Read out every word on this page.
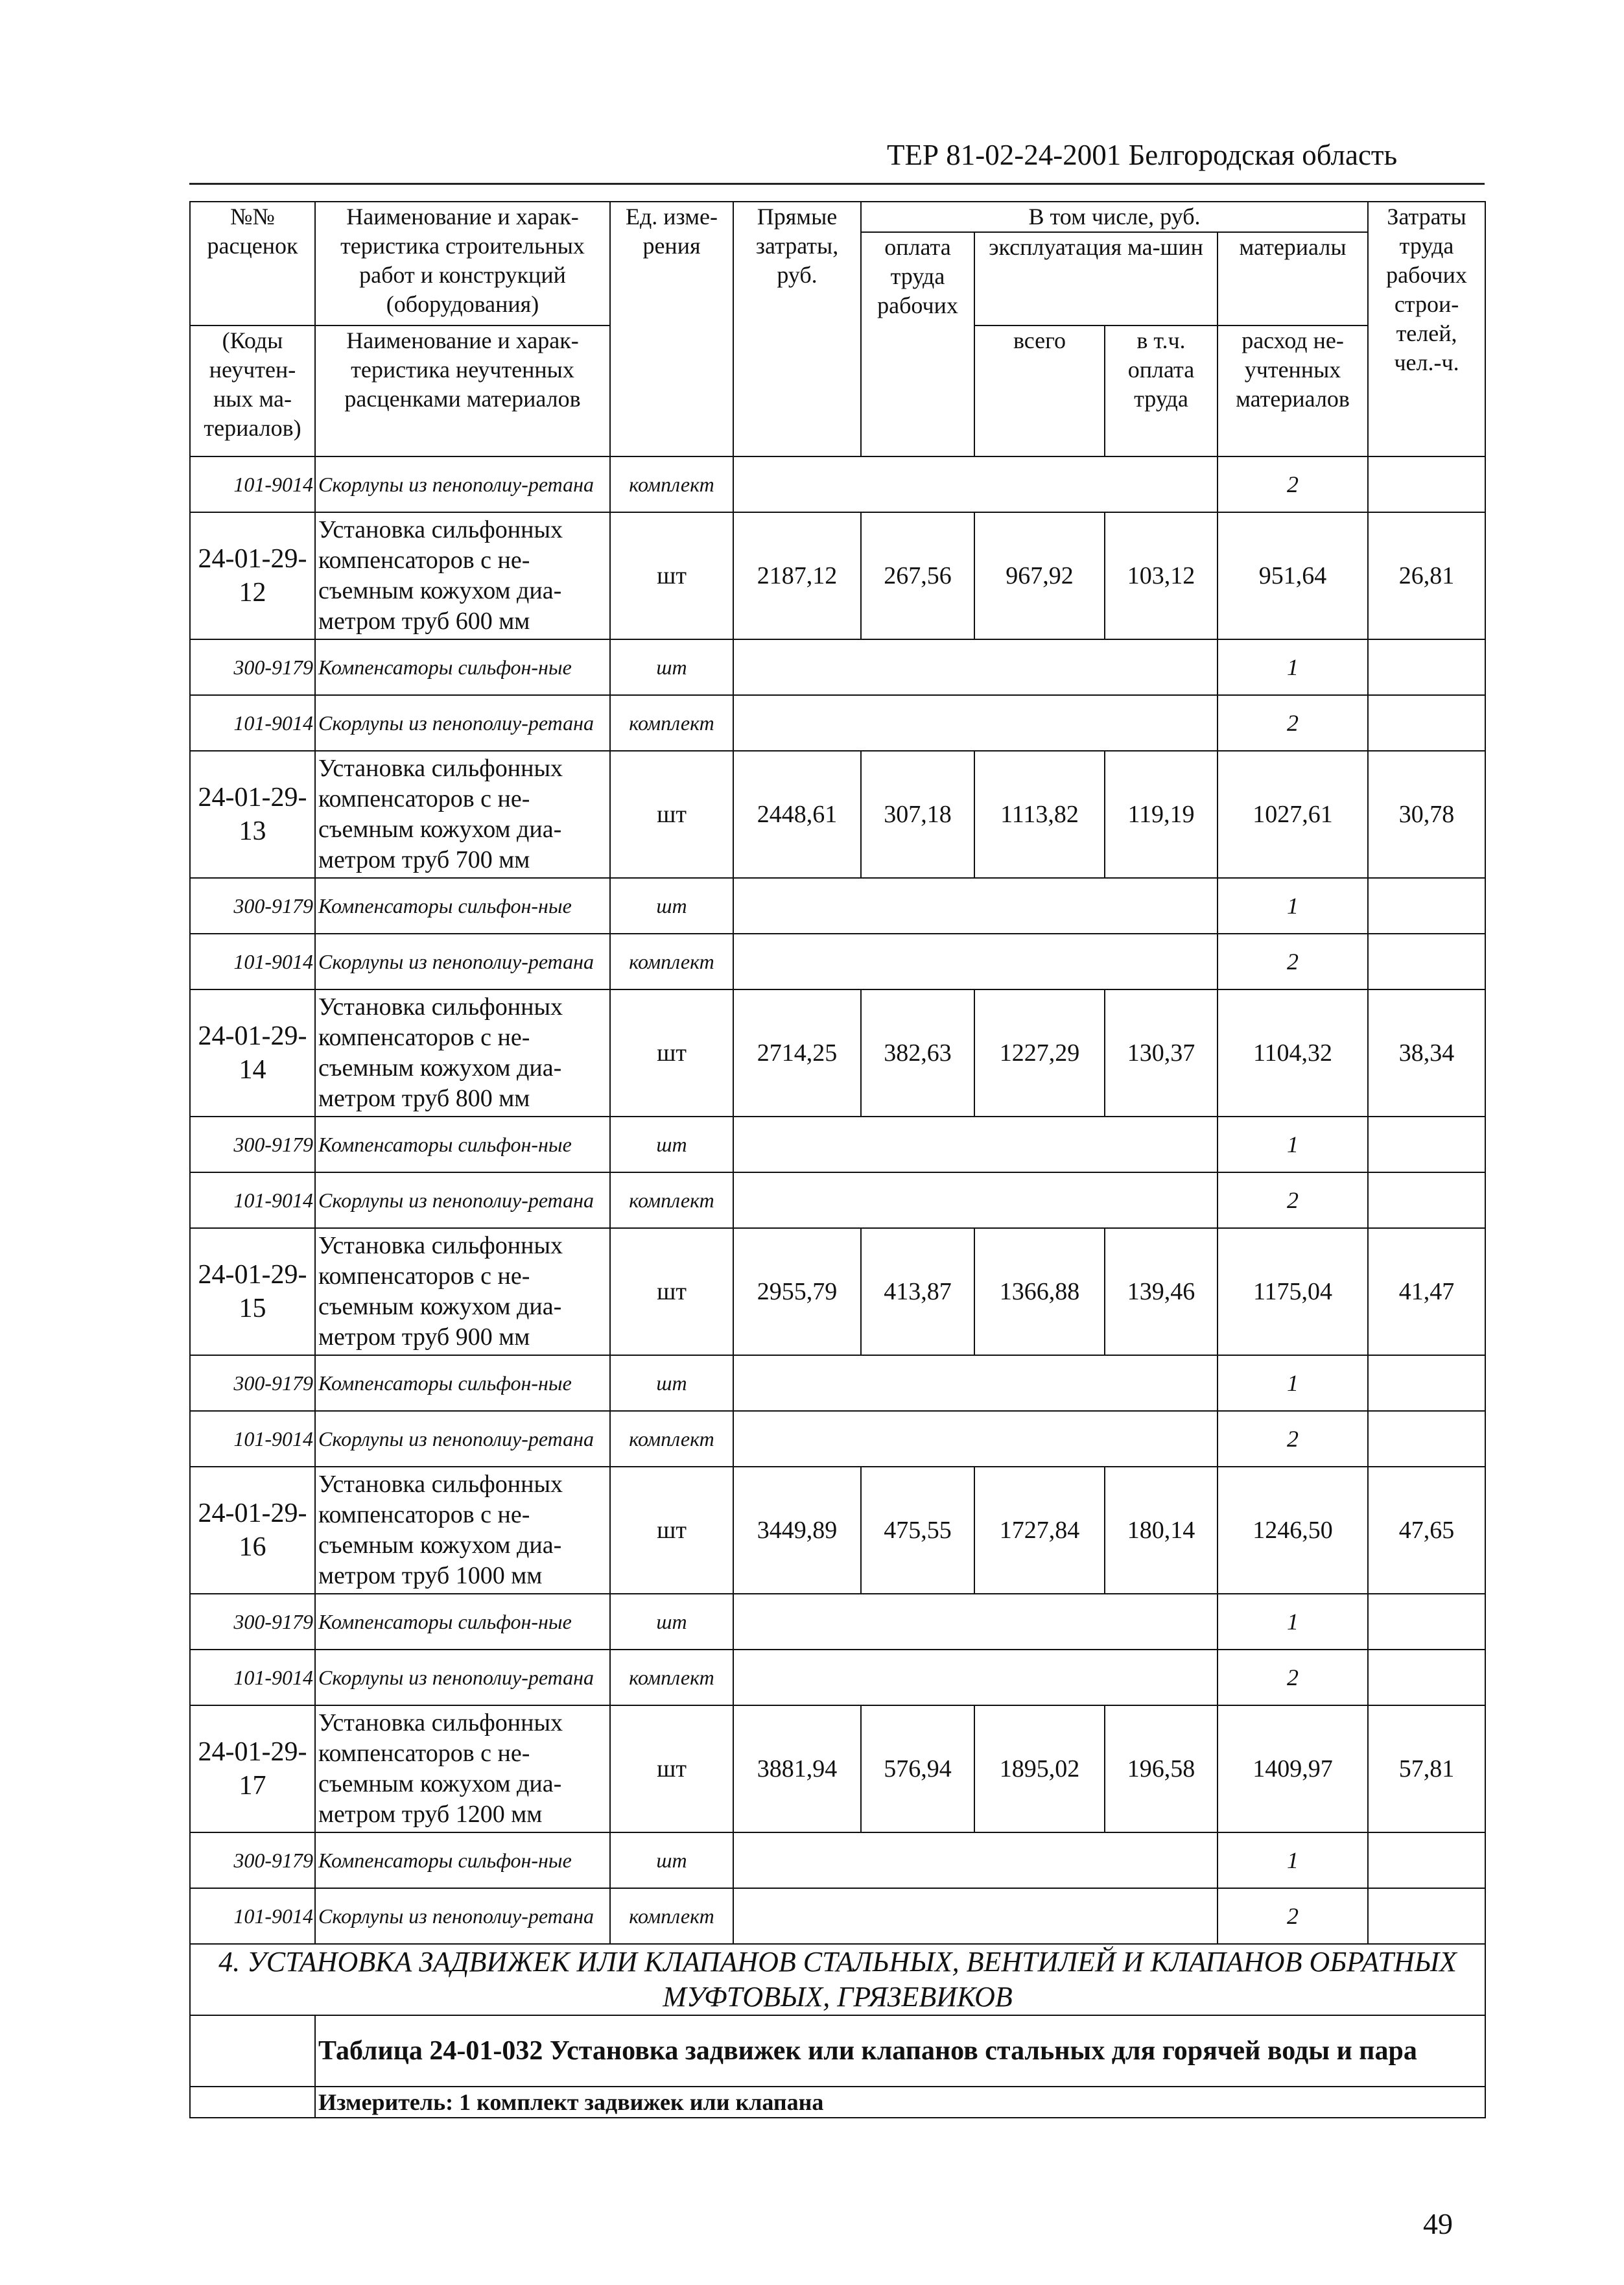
ТЕР 81-02-24-2001 Белгородская область
№№ расценок	Наименование и харак-теристика строительных работ и конструкций (оборудования)	Ед. изме-рения	Прямые затраты, руб.	В том числе, руб.				Затраты труда рабочих строи-телей, чел.-ч.
				оплата труда рабочих	эксплуатация ма-шин		материалы	
(Коды неучтен-ных ма-териалов)	Наименование и харак-теристика неучтенных расценками материалов				всего	в т.ч. оплата труда	расход не-учтенных материалов	

101-9014	Скорлупы из пенополиу-ретана	комплект					2	
24-01-29-12	Установка сильфонных компенсаторов с не-съемным кожухом диа-метром труб 600 мм	шт	2187,12	267,56	967,92	103,12	951,64	26,81
300-9179	Компенсаторы сильфон-ные	шт					1	
101-9014	Скорлупы из пенополиу-ретана	комплект					2	
24-01-29-13	Установка сильфонных компенсаторов с не-съемным кожухом диа-метром труб 700 мм	шт	2448,61	307,18	1113,82	119,19	1027,61	30,78
300-9179	Компенсаторы сильфон-ные	шт					1	
101-9014	Скорлупы из пенополиу-ретана	комплект					2	
24-01-29-14	Установка сильфонных компенсаторов с не-съемным кожухом диа-метром труб 800 мм	шт	2714,25	382,63	1227,29	130,37	1104,32	38,34
300-9179	Компенсаторы сильфон-ные	шт					1	
101-9014	Скорлупы из пенополиу-ретана	комплект					2	
24-01-29-15	Установка сильфонных компенсаторов с не-съемным кожухом диа-метром труб 900 мм	шт	2955,79	413,87	1366,88	139,46	1175,04	41,47
300-9179	Компенсаторы сильфон-ные	шт					1	
101-9014	Скорлупы из пенополиу-ретана	комплект					2	
24-01-29-16	Установка сильфонных компенсаторов с не-съемным кожухом диа-метром труб 1000 мм	шт	3449,89	475,55	1727,84	180,14	1246,50	47,65
300-9179	Компенсаторы сильфон-ные	шт					1	
101-9014	Скорлупы из пенополиу-ретана	комплект					2	
24-01-29-17	Установка сильфонных компенсаторов с не-съемным кожухом диа-метром труб 1200 мм	шт	3881,94	576,94	1895,02	196,58	1409,97	57,81
300-9179	Компенсаторы сильфон-ные	шт					1	
101-9014	Скорлупы из пенополиу-ретана	комплект					2	
4. УСТАНОВКА ЗАДВИЖЕК ИЛИ КЛАПАНОВ СТАЛЬНЫХ, ВЕНТИЛЕЙ И КЛАПАНОВ ОБРАТНЫХ МУФТОВЫХ, ГРЯЗЕВИКОВ								
	Таблица 24-01-032 Установка задвижек или клапанов стальных для горячей воды и пара							
	Измеритель: 1 комплект задвижек или клапана							
49
